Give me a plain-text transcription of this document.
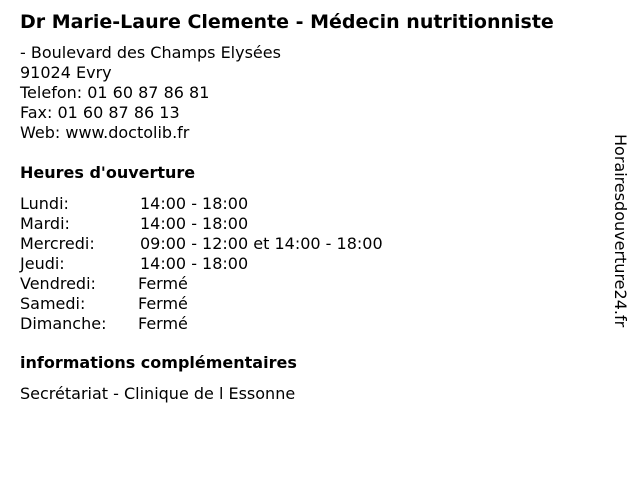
Dr Marie-Laure Clemente - Médecin nutritionniste
- Boulevard des Champs Elysées
91024 Evry
Telefon: 01 60 87 86 81
Fax: 01 60 87 86 13
Web: www.doctolib.fr
Heures d'ouverture
Lundi:	14:00 - 18:00
Mardi:	14:00 - 18:00
Mercredi:	09:00 - 12:00 et 14:00 - 18:00
Jeudi:	14:00 - 18:00
Vendredi:	Fermé
Samedi:	Fermé
Dimanche: Fermé
informations complémentaires
Secrétariat - Clinique de l Essonne
Horairesdouverture24.fr
